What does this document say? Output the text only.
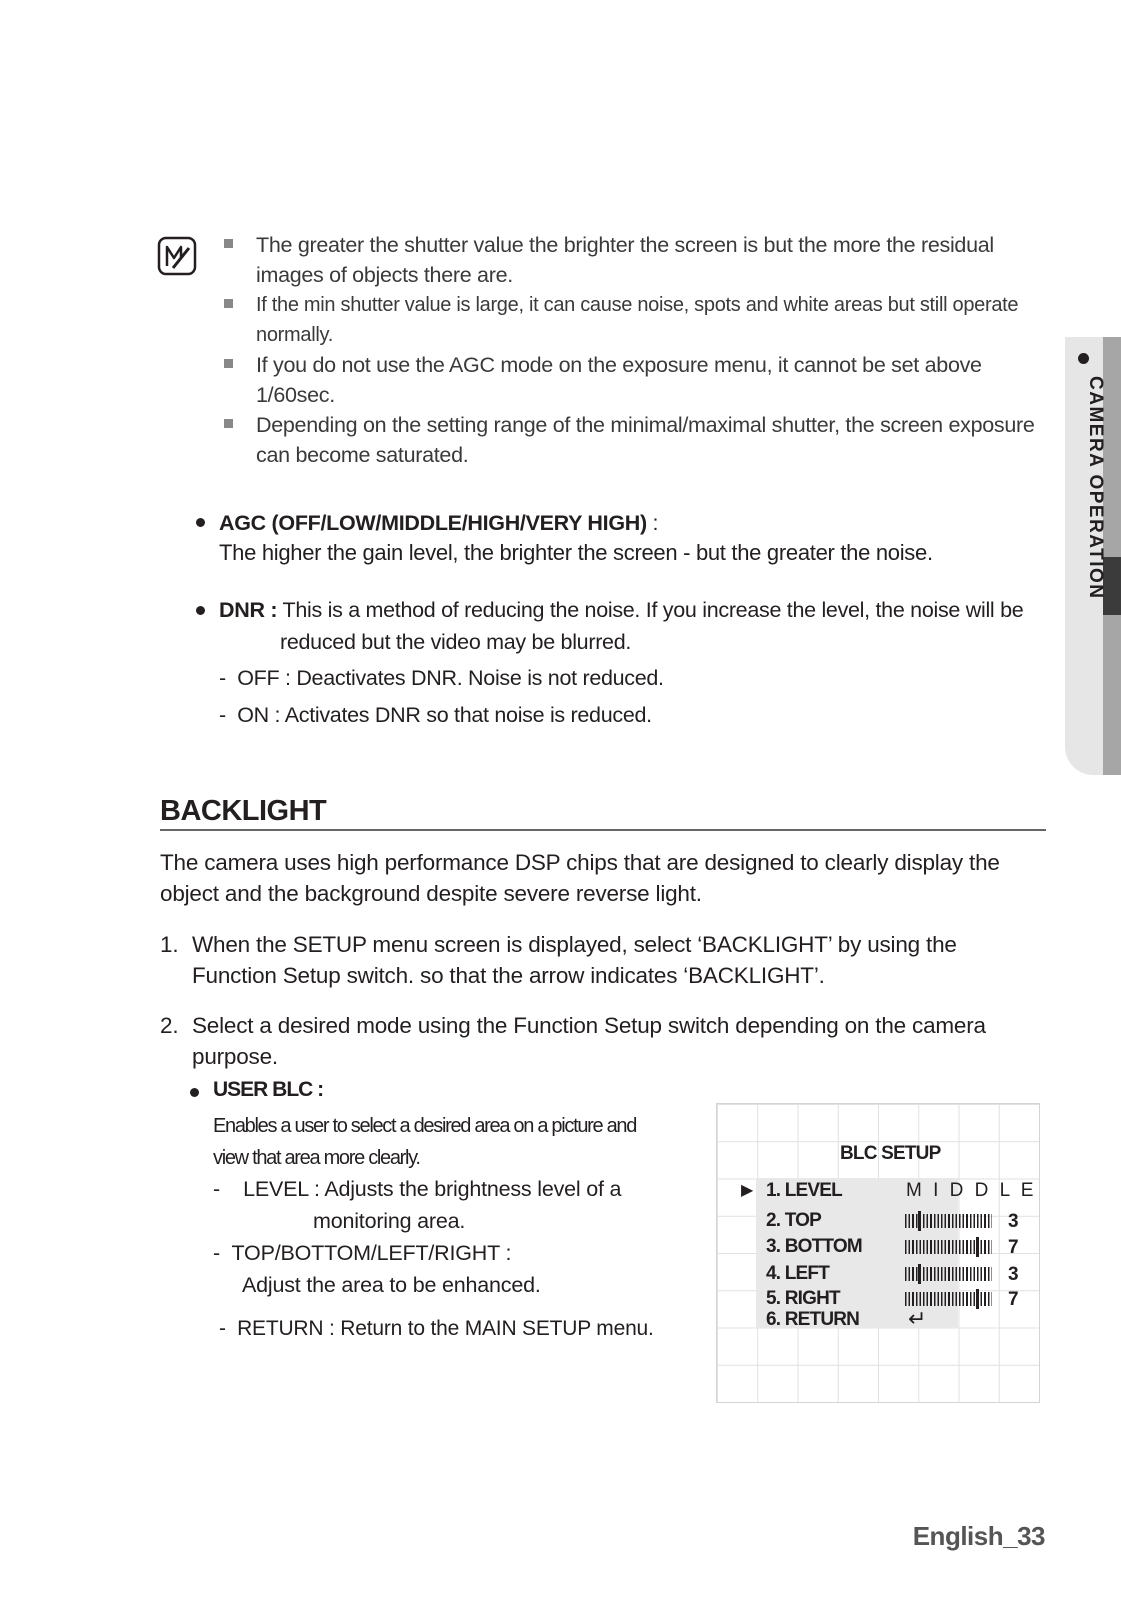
The greater the shutter value the brighter the screen is but the more the residual images of objects there are.
If the min shutter value is large, it can cause noise, spots and white areas but still operate normally.
If you do not use the AGC mode on the exposure menu, it cannot be set above 1/60sec.
Depending on the setting range of the minimal/maximal shutter, the screen exposure can become saturated.
AGC (OFF/LOW/MIDDLE/HIGH/VERY HIGH) :
The higher the gain level, the brighter the screen - but the greater the noise.
DNR : This is a method of reducing the noise. If you increase the level, the noise will be
reduced but the video may be blurred.
-  OFF : Deactivates DNR. Noise is not reduced.
-  ON : Activates DNR so that noise is reduced.
BACKLIGHT
The camera uses high performance DSP chips that are designed to clearly display the
object and the background despite severe reverse light.
1. When the SETUP menu screen is displayed, select ‘BACKLIGHT’ by using the
Function Setup switch. so that the arrow indicates ‘BACKLIGHT’.
2. Select a desired mode using the Function Setup switch depending on the camera
purpose.
USER BLC :
Enables a user to select a desired area on a picture and
view that area more clearly.
-    LEVEL : Adjusts the brightness level of a
monitoring area.
-  TOP/BOTTOM/LEFT/RIGHT :
Adjust the area to be enhanced.
-  RETURN : Return to the MAIN SETUP menu.
BLC SETUP
▶ 1. LEVEL	M I D D L E
2. TOP	3
3. BOTTOM	7
4. LEFT	3
5. RIGHT	7
6. RETURN ↵
CAMERA OPERATION
English_33
